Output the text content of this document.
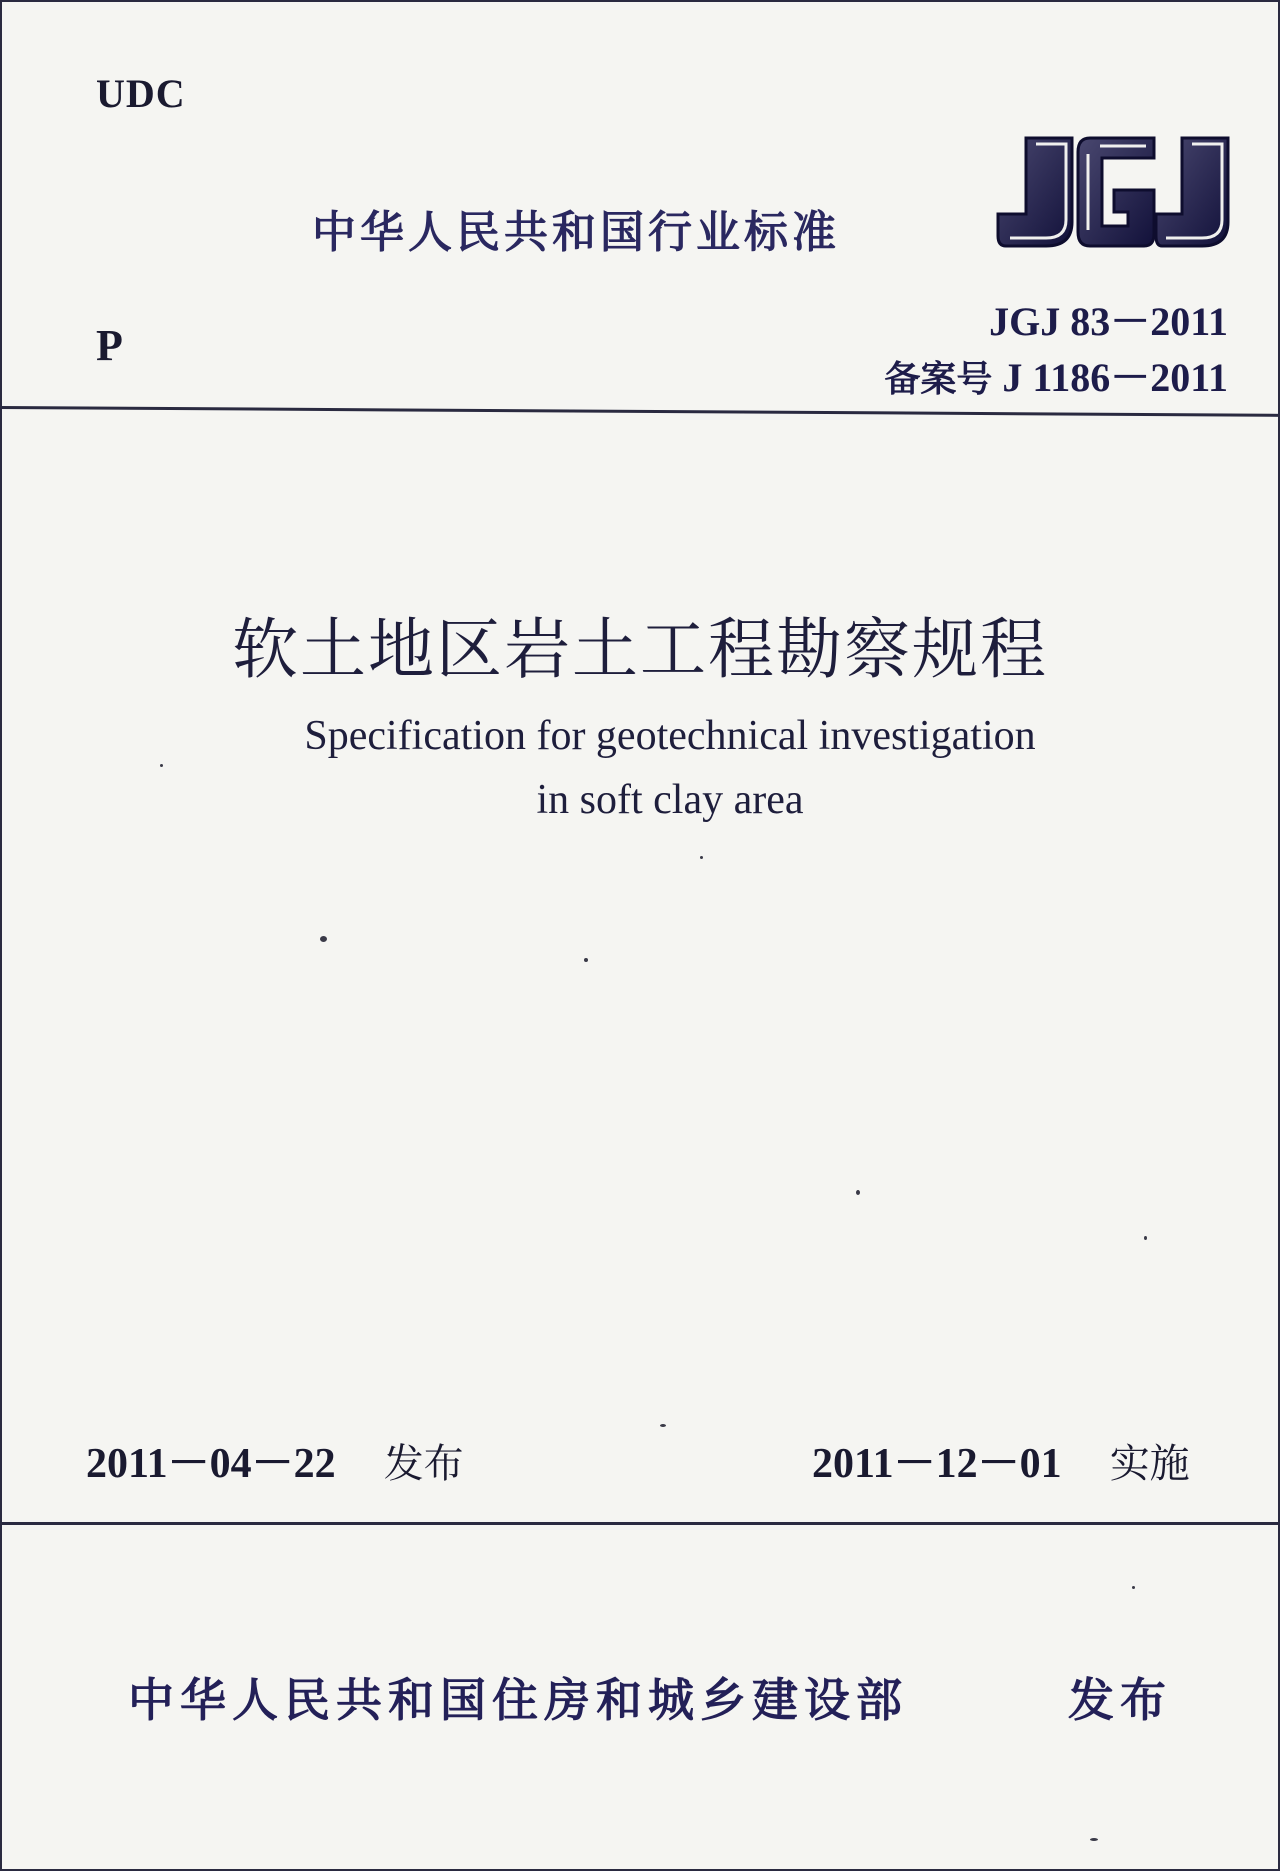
UDC
P
中华人民共和国行业标准
JGJ 83－2011
备案号 J 1186－2011
软土地区岩土工程勘察规程
Specification for geotechnical investigation
in soft clay area
2011－04－22 发布	2011－12－01 实施
中华人民共和国住房和城乡建设部	发布
